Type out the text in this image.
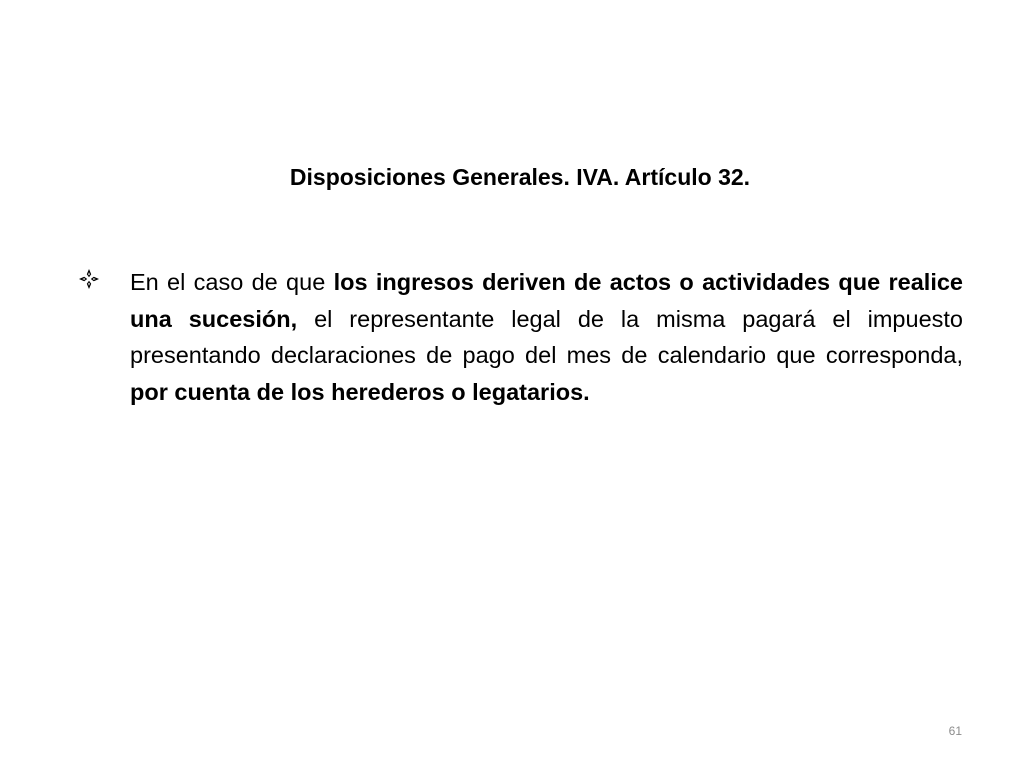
Disposiciones Generales. IVA. Artículo 32.
En el caso de que los ingresos deriven de actos o actividades que realice una sucesión, el representante legal de la misma pagará el impuesto presentando declaraciones de pago del mes de calendario que corresponda, por cuenta de los herederos o legatarios.
61
